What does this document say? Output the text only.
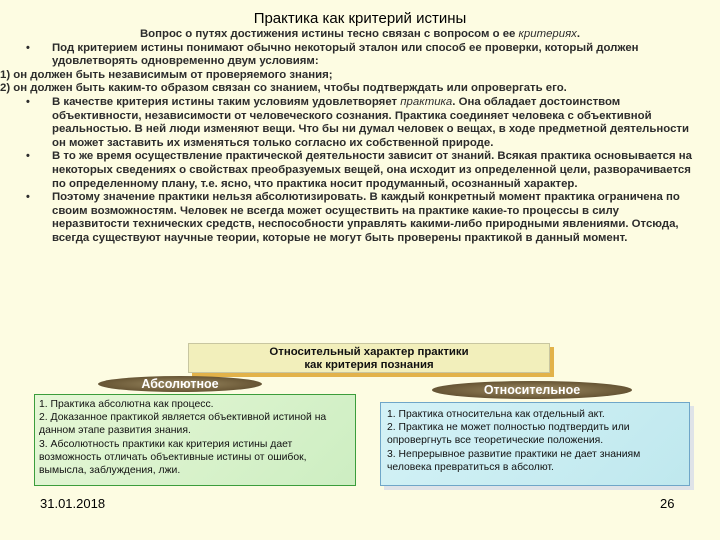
Практика как критерий истины

Вопрос о путях достижения истины тесно связан с вопросом о ее критериях.

• Под критерием истины понимают обычно некоторый эталон или способ ее проверки, который должен удовлетворять одновременно двум условиям:

1) он должен быть независимым от проверяемого знания;

2) он должен быть каким-то образом связан со знанием, чтобы подтверждать или опровергать его.

• В качестве критерия истины таким условиям удовлетворяет практика. Она обладает достоинством объективности, независимости от человеческого сознания. Практика соединяет человека с объективной реальностью. В ней люди изменяют вещи. Что бы ни думал человек о вещах, в ходе предметной деятельности он может заставить их изменяться только согласно их собственной природе.

• В то же время осуществление практической деятельности зависит от знаний. Всякая практика основывается на некоторых сведениях о свойствах преобразуемых вещей, она исходит из определенной цели, разворачивается по определенному плану, т.е. ясно, что практика носит продуманный, осознанный характер.

• Поэтому значение практики нельзя абсолютизировать. В каждый конкретный момент практика ограничена по своим возможностям. Человек не всегда может осуществить на практике какие-то процессы в силу неразвитости технических средств, неспособности управлять какими-либо природными явлениями. Отсюда, всегда существуют научные теории, которые не могут быть проверены практикой в данный момент.

Относительный характер практики
как критерия познания
Абсолютное	Относительное

1. Практика абсолютна как процесс.

2. Доказанное практикой является объективной истиной на данном этапе развития знания.

3. Абсолютность практики как критерия истины дает возможность отличать объективные истины от ошибок, вымысла, заблуждения, лжи.

1. Практика относительна как отдельный акт.

2. Практика не может полностью подтвердить или опровергнуть все теоретические положения.

3. Непрерывное развитие практики не дает знаниям человека превратиться в абсолют.

31.01.2018	26
